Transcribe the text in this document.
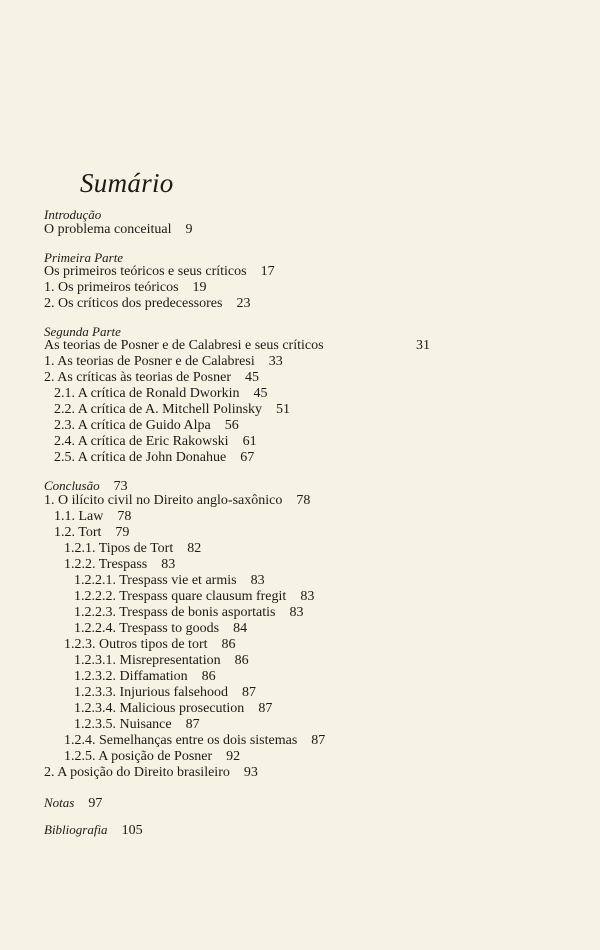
Sumário
Introdução
O problema conceitual 9
Primeira Parte
Os primeiros teóricos e seus críticos 17
1. Os primeiros teóricos 19
2. Os críticos dos predecessores 23
Segunda Parte
As teorias de Posner e de Calabresi e seus críticos	31
1. As teorias de Posner e de Calabresi 33
2. As críticas às teorias de Posner 45
2.1. A crítica de Ronald Dworkin 45
2.2. A crítica de A. Mitchell Polinsky 51
2.3. A crítica de Guido Alpa 56
2.4. A crítica de Eric Rakowski 61
2.5. A crítica de John Donahue 67
Conclusão 73
1. O ilícito civil no Direito anglo-saxônico 78
1.1. Law 78
1.2. Tort 79
1.2.1. Tipos de Tort 82
1.2.2. Trespass 83
1.2.2.1. Trespass vie et armis 83
1.2.2.2. Trespass quare clausum fregit 83
1.2.2.3. Trespass de bonis asportatis 83
1.2.2.4. Trespass to goods 84
1.2.3. Outros tipos de tort 86
1.2.3.1. Misrepresentation 86
1.2.3.2. Diffamation 86
1.2.3.3. Injurious falsehood 87
1.2.3.4. Malicious prosecution 87
1.2.3.5. Nuisance 87
1.2.4. Semelhanças entre os dois sistemas 87
1.2.5. A posição de Posner 92
2. A posição do Direito brasileiro 93
Notas 97
Bibliografia 105
